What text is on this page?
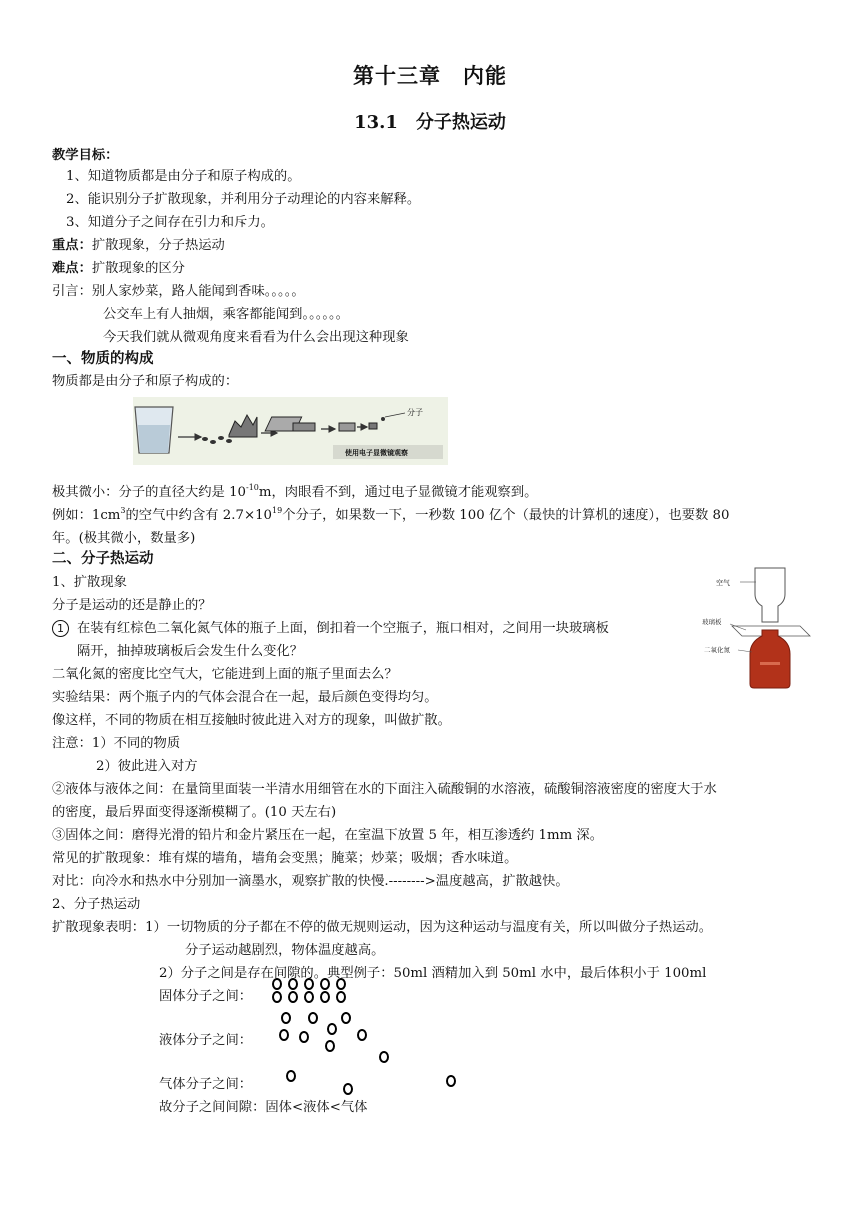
第十三章　内能
13.1　分子热运动
教学目标：
1、知道物质都是由分子和原子构成的。
2、能识别分子扩散现象，并利用分子动理论的内容来解释。
3、知道分子之间存在引力和斥力。
重点：扩散现象，分子热运动
难点：扩散现象的区分
引言：别人家炒菜，路人能闻到香味。。。。。
公交车上有人抽烟，乘客都能闻到。。。。。。
今天我们就从微观角度来看看为什么会出现这种现象
一、物质的构成
物质都是由分子和原子构成的：
分子
使用电子显微镜观察
极其微小：分子的直径大约是 $10^{-10}m$，肉眼看不到，通过电子显微镜才能观察到。
例如：$1cm^3$的空气中约含有 $2.7\times 10^{19}$个分子，如果数一下，一秒数 100 亿个（最快的计算机的速度），也要数 80
年。(极其微小，数量多)
二、分子热运动
1、扩散现象
分子是运动的还是静止的？
1 在装有红棕色二氧化氮气体的瓶子上面，倒扣着一个空瓶子，瓶口相对，之间用一块玻璃板
隔开，抽掉玻璃板后会发生什么变化？
空气
玻璃板
二氧化氮
二氧化氮的密度比空气大，它能进到上面的瓶子里面去么？
实验结果：两个瓶子内的气体会混合在一起，最后颜色变得均匀。
像这样，不同的物质在相互接触时彼此进入对方的现象，叫做扩散。
注意：1）不同的物质
2）彼此进入对方
②液体与液体之间：在量筒里面装一半清水用细管在水的下面注入硫酸铜的水溶液，硫酸铜溶液密度的密度大于水
的密度，最后界面变得逐渐模糊了。(10 天左右)
③固体之间：磨得光滑的铅片和金片紧压在一起，在室温下放置 5 年，相互渗透约 1mm 深。
常见的扩散现象：堆有煤的墙角，墙角会变黑；腌菜；炒菜；吸烟；香水味道。
对比：向冷水和热水中分别加一滴墨水，观察扩散的快慢.-------->温度越高，扩散越快。
2、分子热运动
扩散现象表明：1）一切物质的分子都在不停的做无规则运动，因为这种运动与温度有关，所以叫做分子热运动。
分子运动越剧烈，物体温度越高。
2）分子之间是存在间隙的。典型例子：50ml 酒精加入到 50ml 水中，最后体积小于 100ml
固体分子之间：
液体分子之间：
气体分子之间：
故分子之间间隙：固体<液体<气体
